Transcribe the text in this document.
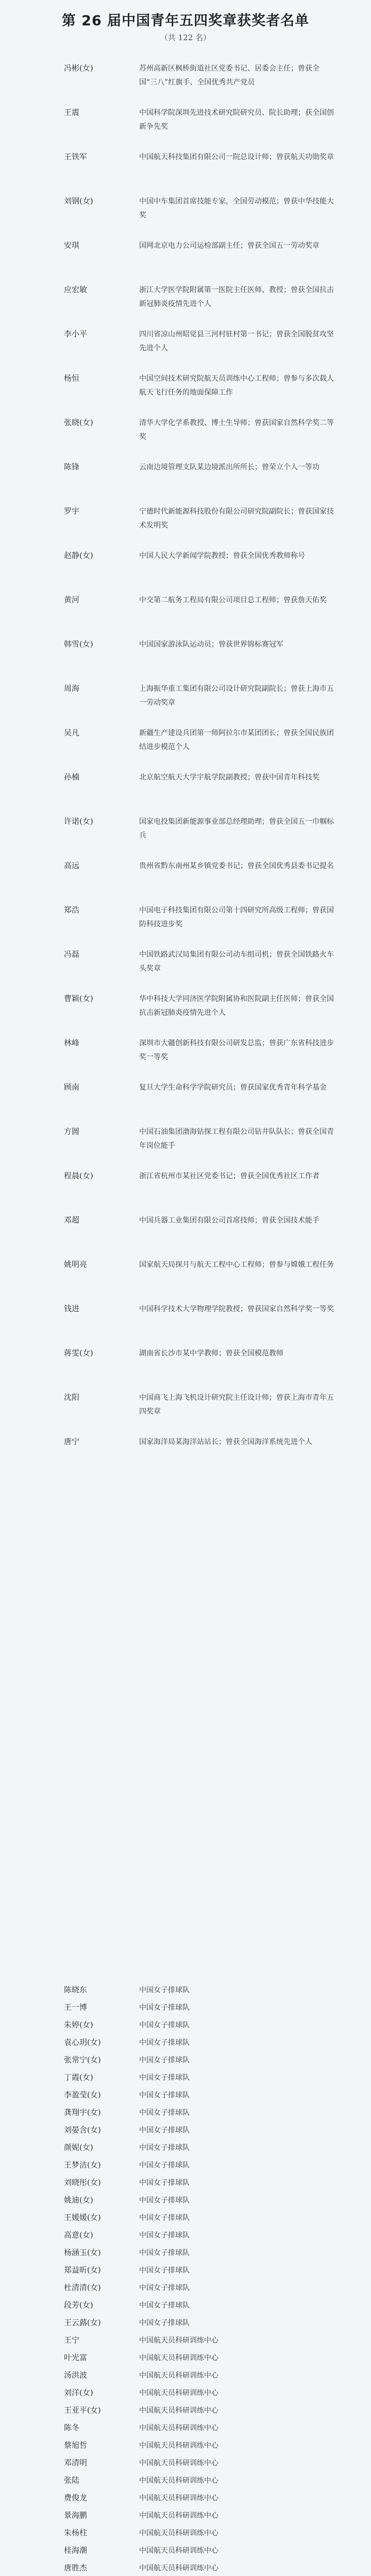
第 26 届中国青年五四奖章获奖者名单
（共 122 名）
冯彬(女)	苏州高新区枫桥街道社区党委书记、居委会主任；曾获全国“三八”红旗手、全国优秀共产党员
王震	中国科学院深圳先进技术研究院研究员、院长助理；获全国创新争先奖
王铁军	中国航天科技集团有限公司一院总设计师；曾获航天功勋奖章
刘钢(女)	中国中车集团首席技能专家，全国劳动模范；曾获中华技能大奖
安琪	国网北京电力公司运检部副主任；曾获全国五一劳动奖章
应宏敏	浙江大学医学院附属第一医院主任医师、教授；曾获全国抗击新冠肺炎疫情先进个人
李小平	四川省凉山州昭觉县三河村驻村第一书记；曾获全国脱贫攻坚先进个人
杨恒	中国空间技术研究院航天员训练中心工程师；曾参与多次载人航天飞行任务的地面保障工作
张晓(女)	清华大学化学系教授、博士生导师；曾获国家自然科学奖二等奖
陈锋	云南边境管理支队某边境派出所所长；曾荣立个人一等功
罗宇	宁德时代新能源科技股份有限公司研究院副院长；曾获国家技术发明奖
赵静(女)	中国人民大学新闻学院教授；曾获全国优秀教师称号
黄河	中交第二航务工程局有限公司项目总工程师；曾获詹天佑奖
韩雪(女)	中国国家游泳队运动员；曾获世界锦标赛冠军
周海	上海振华重工集团有限公司设计研究院副院长；曾获上海市五一劳动奖章
吴凡	新疆生产建设兵团第一师阿拉尔市某团团长；曾获全国民族团结进步模范个人
孙楠	北京航空航天大学宇航学院副教授；曾获中国青年科技奖
许诺(女)	国家电投集团新能源事业部总经理助理；曾获全国五一巾帼标兵
高远	贵州省黔东南州某乡镇党委书记；曾获全国优秀县委书记提名
郑浩	中国电子科技集团有限公司第十四研究所高级工程师；曾获国防科技进步奖
冯磊	中国铁路武汉局集团有限公司动车组司机；曾获全国铁路火车头奖章
曹颖(女)	华中科技大学同济医学院附属协和医院副主任医师；曾获全国抗击新冠肺炎疫情先进个人
林峰	深圳市大疆创新科技有限公司研发总监；曾获广东省科技进步奖一等奖
顾南	复旦大学生命科学学院研究员；曾获国家优秀青年科学基金
方圆	中国石油集团渤海钻探工程有限公司钻井队队长；曾获全国青年岗位能手
程晨(女)	浙江省杭州市某社区党委书记；曾获全国优秀社区工作者
邓超	中国兵器工业集团有限公司首席技师；曾获全国技术能手
姚明亮	国家航天局探月与航天工程中心工程师；曾参与嫦娥工程任务
钱进	中国科学技术大学物理学院教授；曾获国家自然科学奖一等奖
蒋雯(女)	湖南省长沙市某中学教师；曾获全国模范教师
沈阳	中国商飞上海飞机设计研究院主任设计师；曾获上海市青年五四奖章
唐宁	国家海洋局某海洋站站长；曾获全国海洋系统先进个人
陈晓东	中国女子排球队
王一博	中国女子排球队
朱婷(女)	中国女子排球队
袁心玥(女)	中国女子排球队
张常宁(女)	中国女子排球队
丁霞(女)	中国女子排球队
李盈莹(女)	中国女子排球队
龚翔宇(女)	中国女子排球队
刘晏含(女)	中国女子排球队
颜妮(女)	中国女子排球队
王梦洁(女)	中国女子排球队
刘晓彤(女)	中国女子排球队
姚迪(女)	中国女子排球队
王媛媛(女)	中国女子排球队
高意(女)	中国女子排球队
杨涵玉(女)	中国女子排球队
郑益昕(女)	中国女子排球队
杜清清(女)	中国女子排球队
段芳(女)	中国女子排球队
王云蕗(女)	中国女子排球队
王宁	中国航天员科研训练中心
叶光富	中国航天员科研训练中心
汤洪波	中国航天员科研训练中心
刘洋(女)	中国航天员科研训练中心
王亚平(女)	中国航天员科研训练中心
陈冬	中国航天员科研训练中心
蔡旭哲	中国航天员科研训练中心
邓清明	中国航天员科研训练中心
张陆	中国航天员科研训练中心
费俊龙	中国航天员科研训练中心
景海鹏	中国航天员科研训练中心
朱杨柱	中国航天员科研训练中心
桂海潮	中国航天员科研训练中心
唐胜杰	中国航天员科研训练中心
